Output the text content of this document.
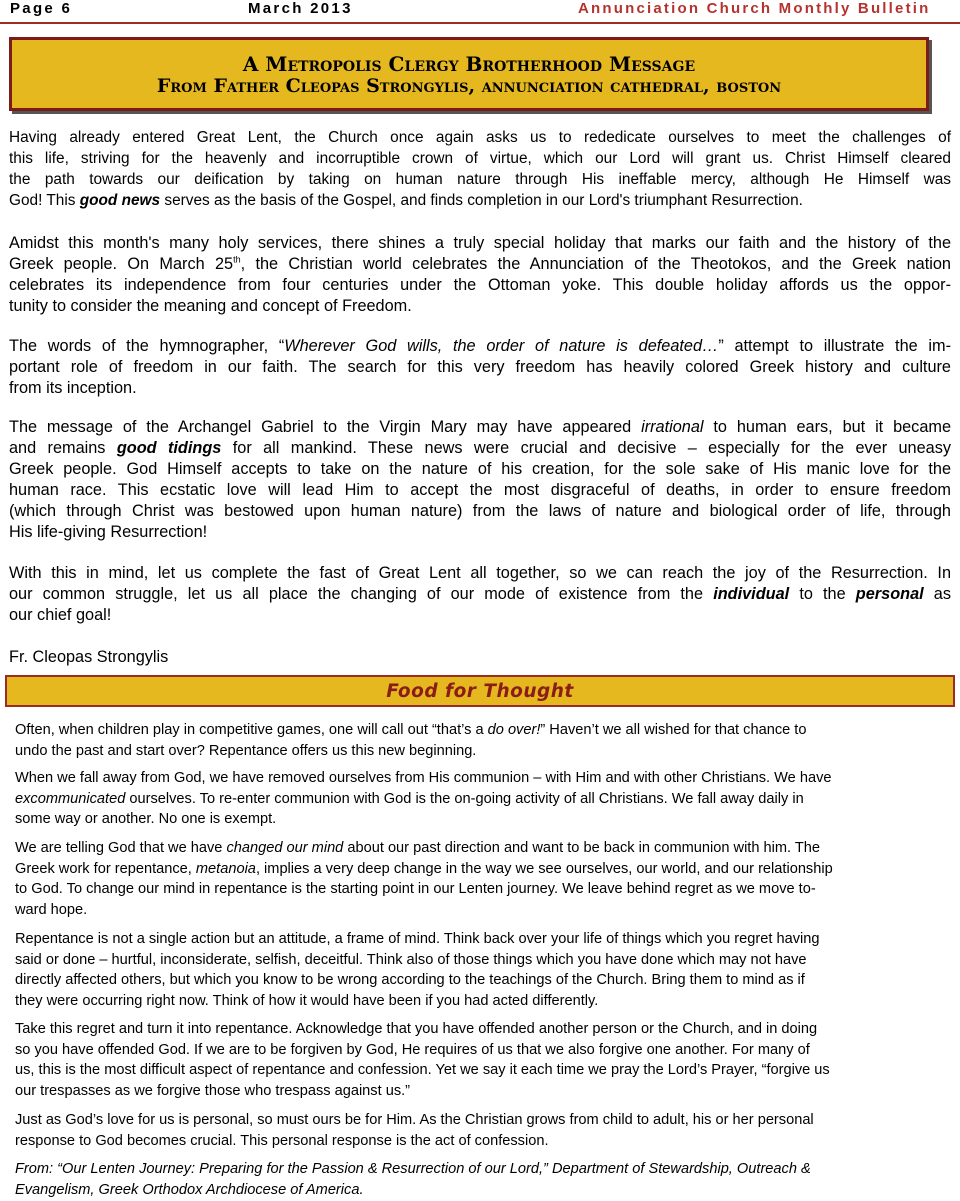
Page 6	March 2013	Annunciation Church Monthly Bulletin
A Metropolis Clergy Brotherhood Message
From Father Cleopas Strongylis, annunciation cathedral, boston
Having already entered Great Lent, the Church once again asks us to rededicate ourselves to meet the challenges of
this life, striving for the heavenly and incorruptible crown of virtue, which our Lord will grant us. Christ Himself cleared
the path towards our deification by taking on human nature through His ineffable mercy, although He Himself was
God! This good news serves as the basis of the Gospel, and finds completion in our Lord's triumphant Resurrection.
Amidst this month's many holy services, there shines a truly special holiday that marks our faith and the history of the
Greek people. On March 25th, the Christian world celebrates the Annunciation of the Theotokos, and the Greek nation
celebrates its independence from four centuries under the Ottoman yoke. This double holiday affords us the oppor-
tunity to consider the meaning and concept of Freedom.
The words of the hymnographer, “Wherever God wills, the order of nature is defeated…” attempt to illustrate the im-
portant role of freedom in our faith. The search for this very freedom has heavily colored Greek history and culture
from its inception.
The message of the Archangel Gabriel to the Virgin Mary may have appeared irrational to human ears, but it became
and remains good tidings for all mankind. These news were crucial and decisive – especially for the ever uneasy
Greek people. God Himself accepts to take on the nature of his creation, for the sole sake of His manic love for the
human race. This ecstatic love will lead Him to accept the most disgraceful of deaths, in order to ensure freedom
(which through Christ was bestowed upon human nature) from the laws of nature and biological order of life, through
His life-giving Resurrection!
With this in mind, let us complete the fast of Great Lent all together, so we can reach the joy of the Resurrection. In
our common struggle, let us all place the changing of our mode of existence from the individual to the personal as
our chief goal!
Fr. Cleopas Strongylis
Food for Thought
Often, when children play in competitive games, one will call out “that’s a do over!” Haven’t we all wished for that chance to
undo the past and start over? Repentance offers us this new beginning.
When we fall away from God, we have removed ourselves from His communion – with Him and with other Christians. We have
excommunicated ourselves. To re-enter communion with God is the on-going activity of all Christians. We fall away daily in
some way or another. No one is exempt.
We are telling God that we have changed our mind about our past direction and want to be back in communion with him. The
Greek work for repentance, metanoia, implies a very deep change in the way we see ourselves, our world, and our relationship
to God. To change our mind in repentance is the starting point in our Lenten journey. We leave behind regret as we move to-
ward hope.
Repentance is not a single action but an attitude, a frame of mind. Think back over your life of things which you regret having
said or done – hurtful, inconsiderate, selfish, deceitful. Think also of those things which you have done which may not have
directly affected others, but which you know to be wrong according to the teachings of the Church. Bring them to mind as if
they were occurring right now. Think of how it would have been if you had acted differently.
Take this regret and turn it into repentance. Acknowledge that you have offended another person or the Church, and in doing
so you have offended God. If we are to be forgiven by God, He requires of us that we also forgive one another. For many of
us, this is the most difficult aspect of repentance and confession. Yet we say it each time we pray the Lord’s Prayer, “forgive us
our trespasses as we forgive those who trespass against us.”
Just as God’s love for us is personal, so must ours be for Him. As the Christian grows from child to adult, his or her personal
response to God becomes crucial. This personal response is the act of confession.
From: “Our Lenten Journey: Preparing for the Passion & Resurrection of our Lord,” Department of Stewardship, Outreach &
Evangelism, Greek Orthodox Archdiocese of America.
